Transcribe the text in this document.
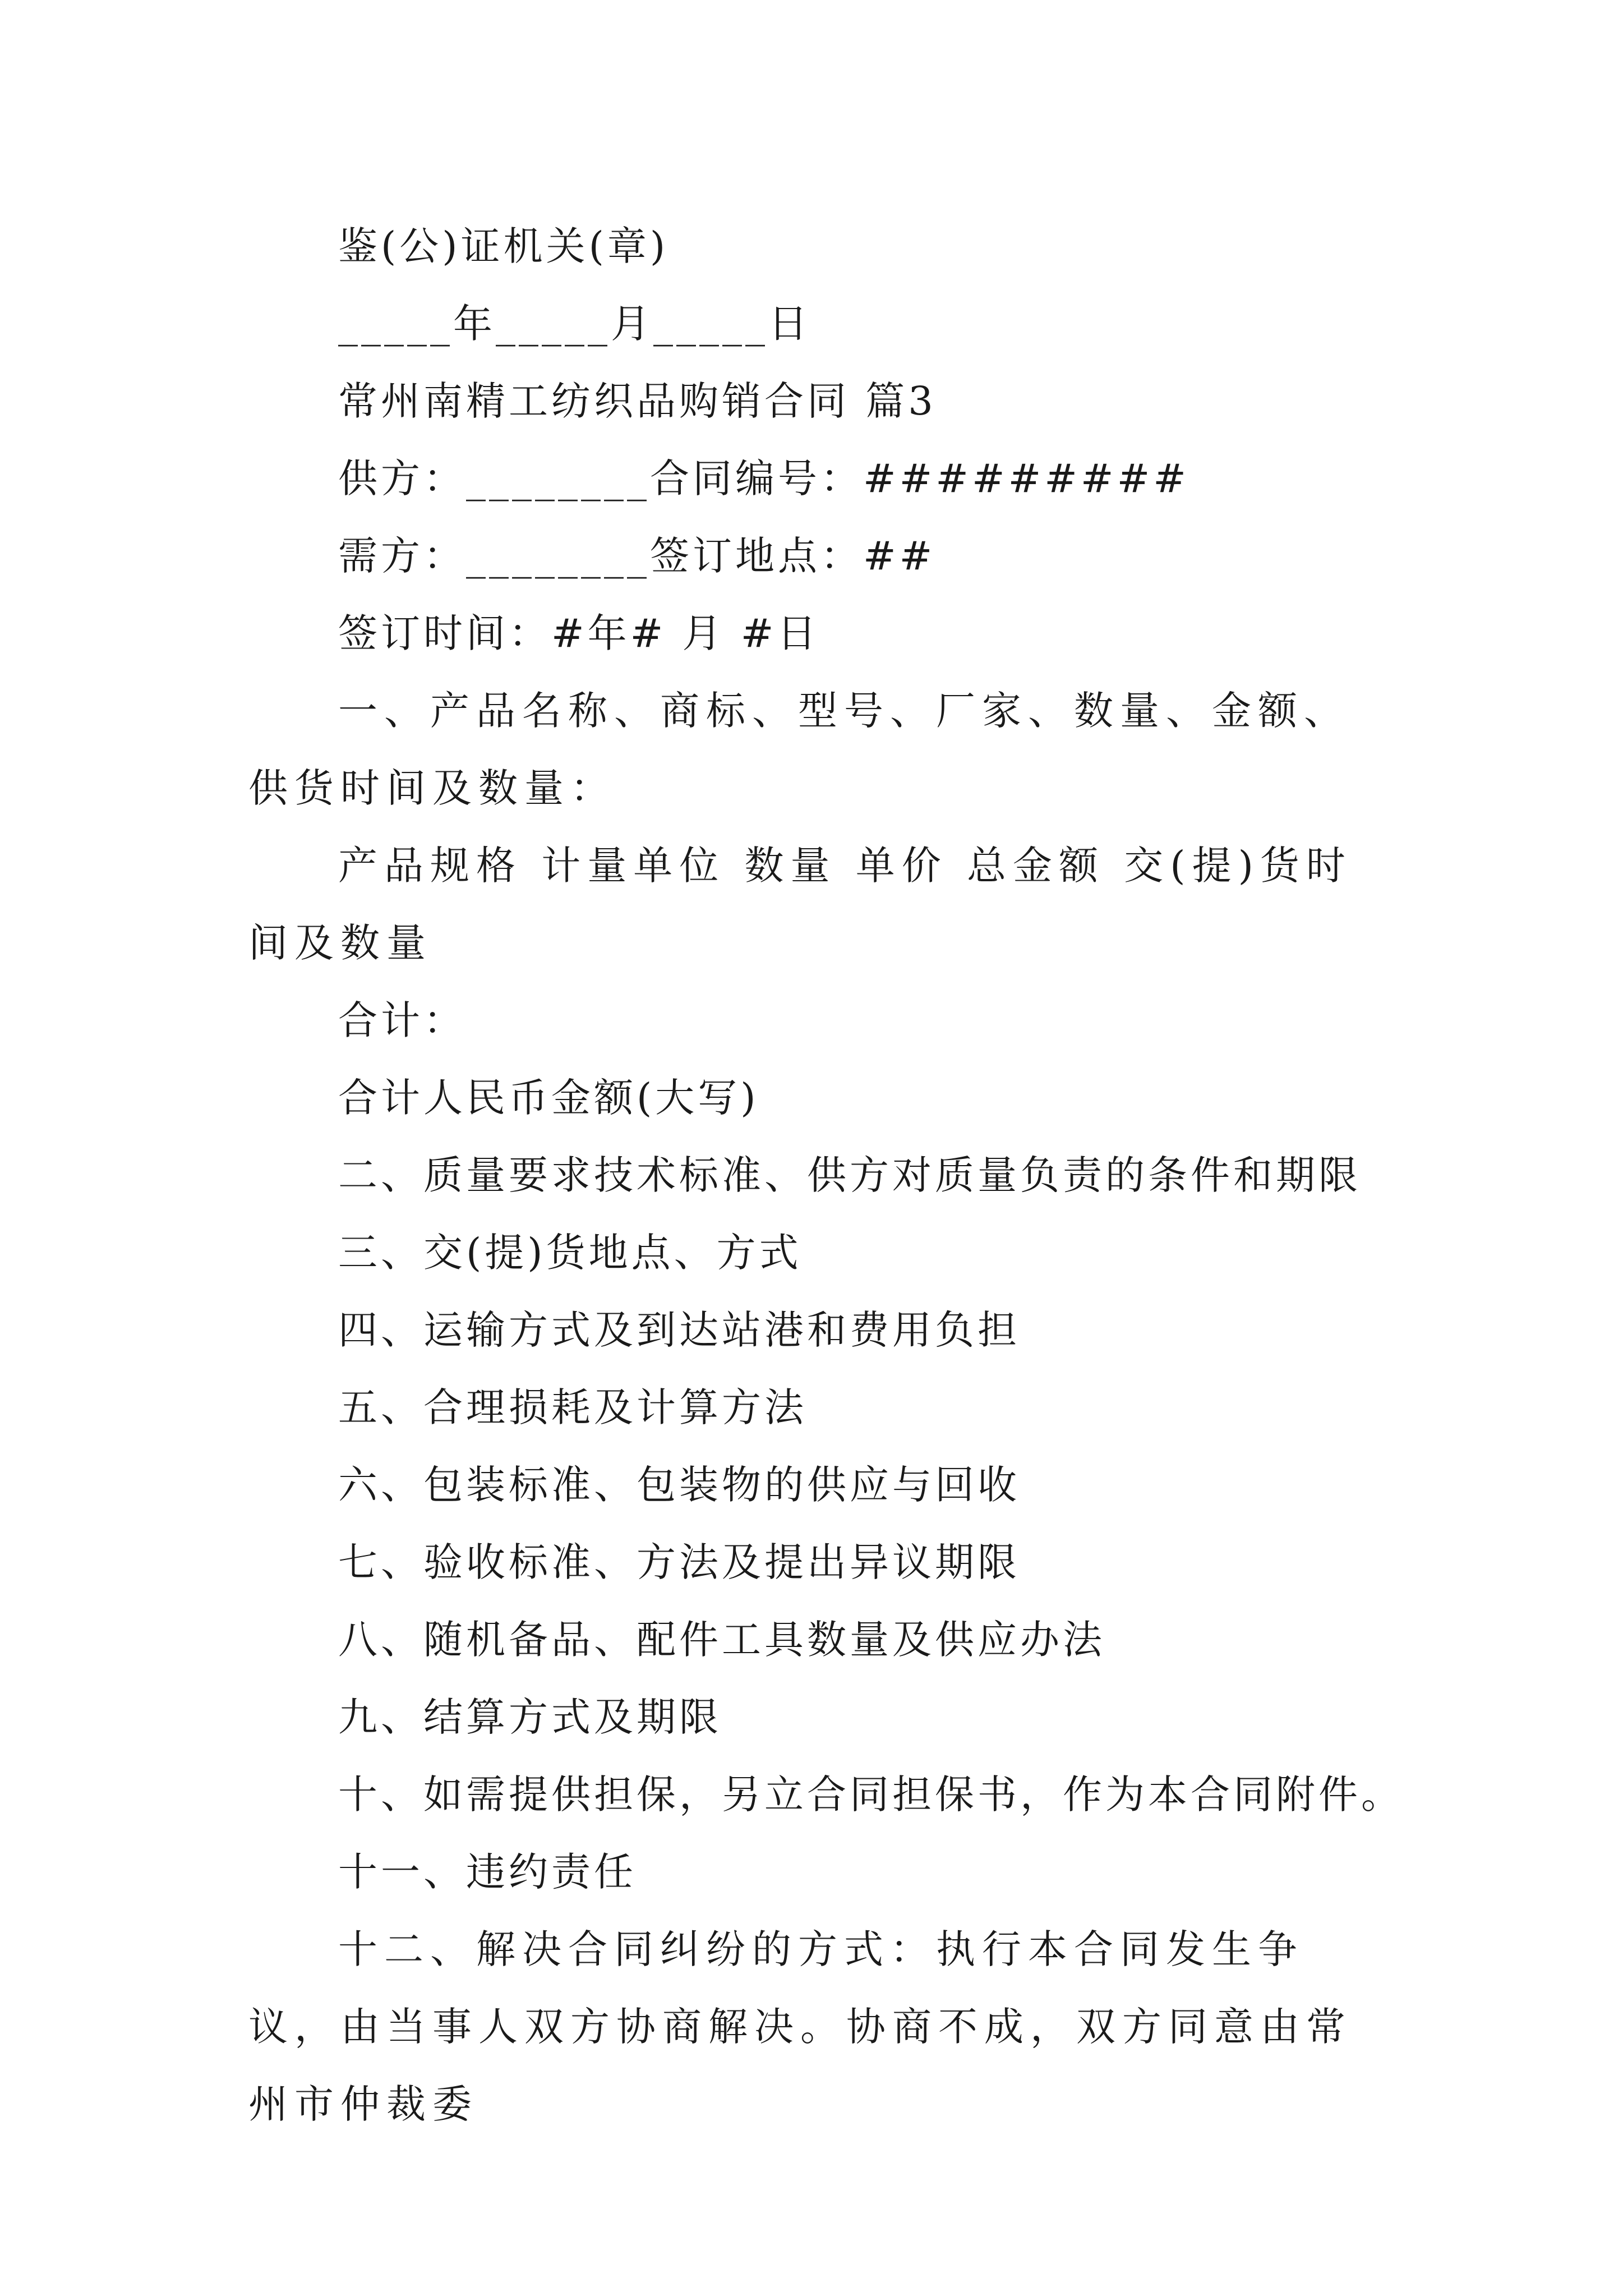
鉴(公)证机关(章)
_____年_____月_____日
常州南精工纺织品购销合同 篇3
供方：________合同编号：#########
需方：________签订地点：##
签订时间：#年# 月 #日
一、产品名称、商标、型号、厂家、数量、金额、供货时间及数量：
产品规格 计量单位 数量 单价 总金额 交(提)货时间及数量
合计：
合计人民币金额(大写)
二、质量要求技术标准、供方对质量负责的条件和期限
三、交(提)货地点、方式
四、运输方式及到达站港和费用负担
五、合理损耗及计算方法
六、包装标准、包装物的供应与回收
七、验收标准、方法及提出异议期限
八、随机备品、配件工具数量及供应办法
九、结算方式及期限
十、如需提供担保，另立合同担保书，作为本合同附件。
十一、违约责任
十二、解决合同纠纷的方式：执行本合同发生争议，由当事人双方协商解决。协商不成，双方同意由常州市仲裁委
